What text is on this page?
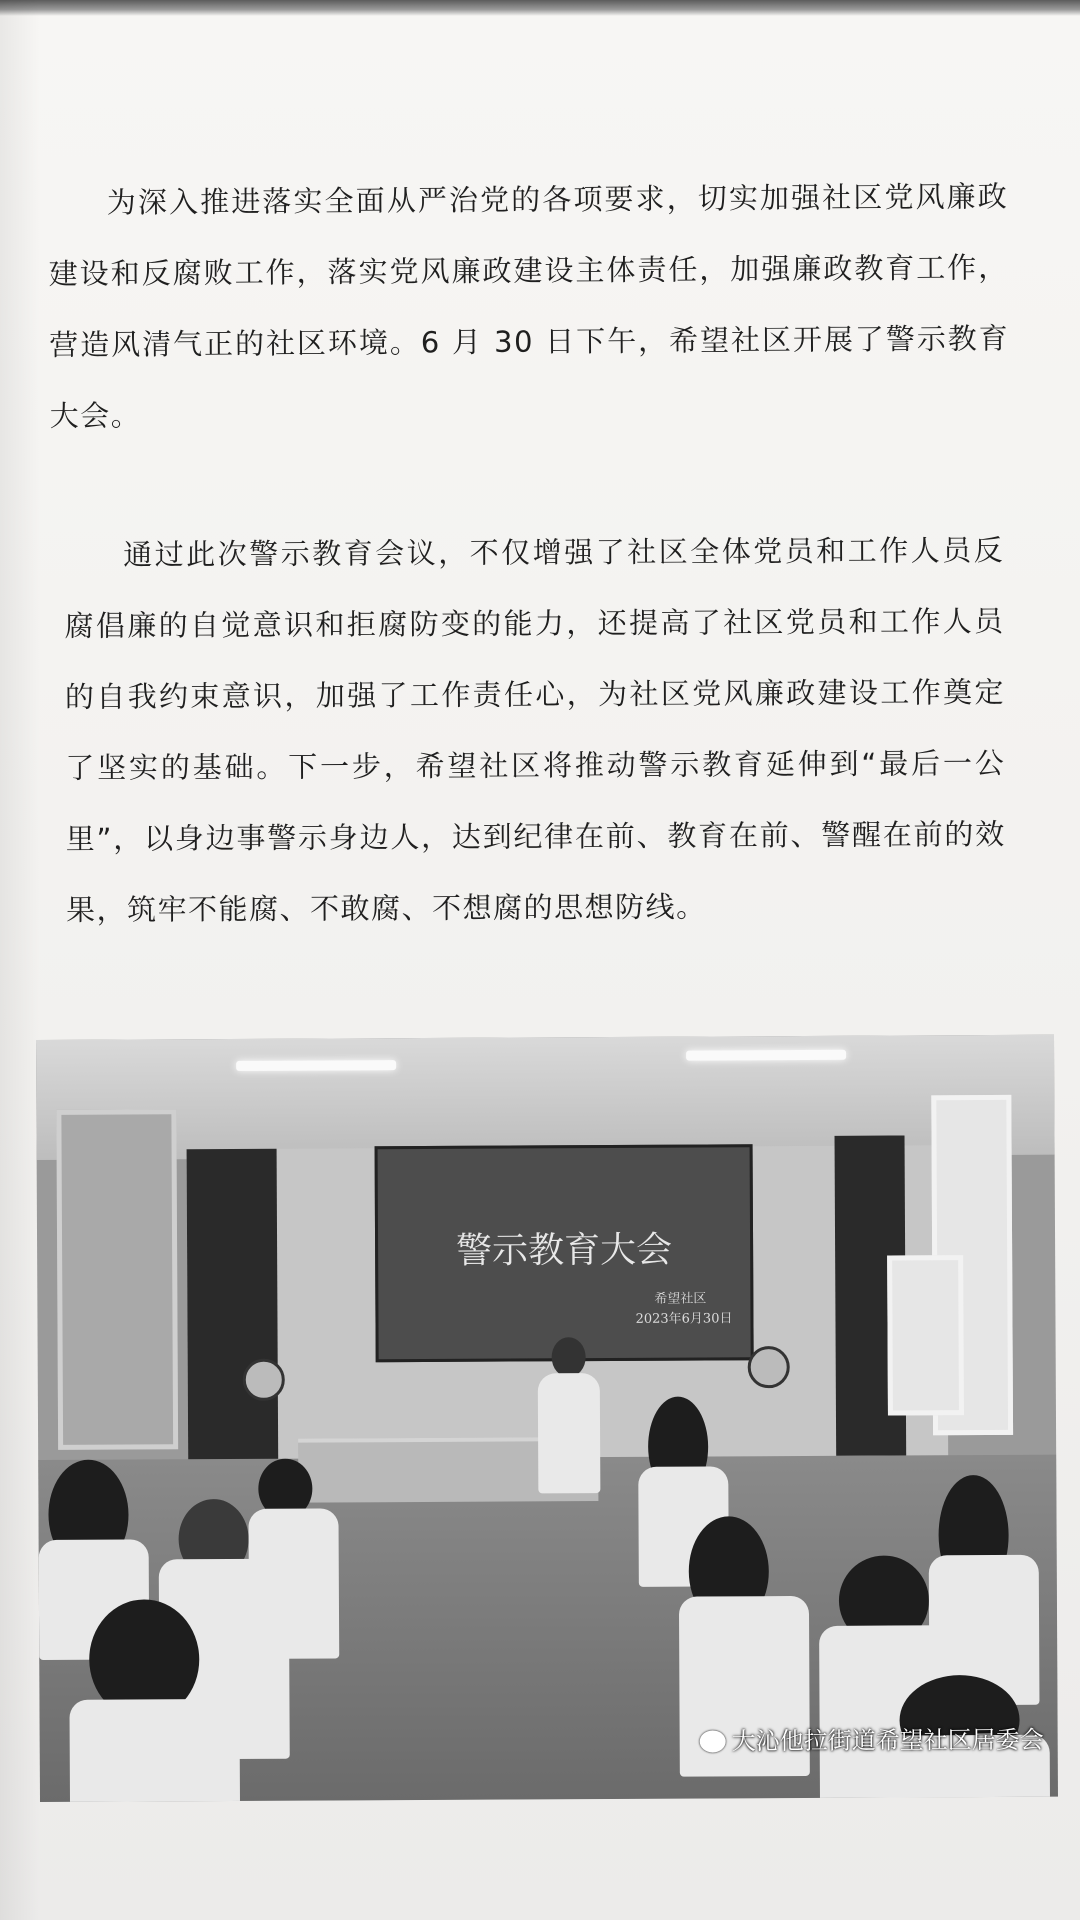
为深入推进落实全面从严治党的各项要求，切实加强社区党风廉政建设和反腐败工作，落实党风廉政建设主体责任，加强廉政教育工作，营造风清气正的社区环境。6 月 30 日下午，希望社区开展了警示教育大会。

通过此次警示教育会议，不仅增强了社区全体党员和工作人员反腐倡廉的自觉意识和拒腐防变的能力，还提高了社区党员和工作人员的自我约束意识，加强了工作责任心，为社区党风廉政建设工作奠定了坚实的基础。下一步，希望社区将推动警示教育延伸到“最后一公里”，以身边事警示身边人，达到纪律在前、教育在前、警醒在前的效果，筑牢不能腐、不敢腐、不想腐的思想防线。

警示教育大会
希望社区
2023年6月30日
大沁他拉街道希望社区居委会
